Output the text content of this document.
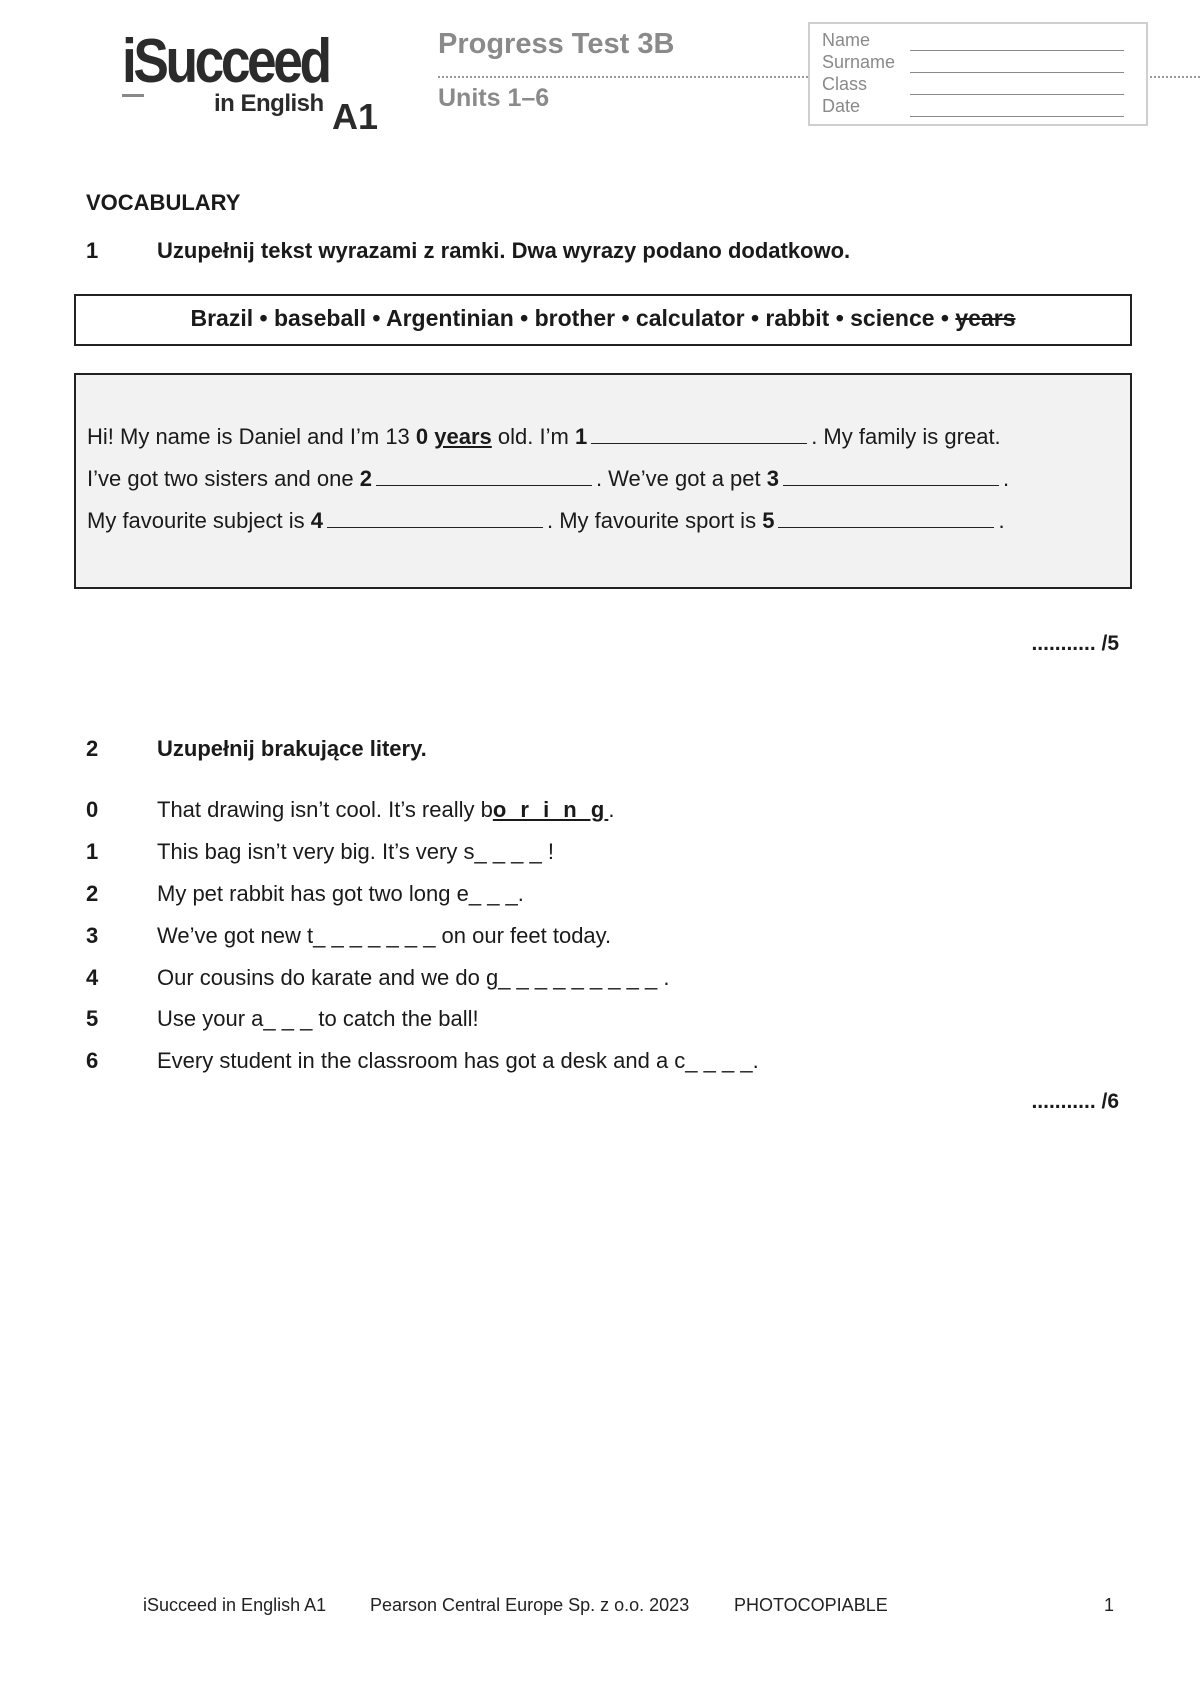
iSucceed
in English A1
Progress Test 3B
Units 1–6
Name
Surname
Class
Date
VOCABULARY
1	Uzupełnij tekst wyrazami z ramki. Dwa wyrazy podano dodatkowo.
Brazil • baseball • Argentinian • brother • calculator • rabbit • science • years
Hi! My name is Daniel and I’m 13 0 years old. I’m 1	. My family is great.
I’ve got two sisters and one 2	. We’ve got a pet 3	.
My favourite subject is 4	. My favourite sport is 5	.
........... /5
2	Uzupełnij brakujące litery.
0	That drawing isn’t cool. It’s really bo r i n g.
1	This bag isn’t very big. It’s very s_ _ _ _ !
2	My pet rabbit has got two long e_ _ _.
3	We’ve got new t_ _ _ _ _ _ _ on our feet today.
4	Our cousins do karate and we do g_ _ _ _ _ _ _ _ _ .
5	Use your a_ _ _ to catch the ball!
6	Every student in the classroom has got a desk and a c_ _ _ _.
........... /6
iSucceed in English A1 Pearson Central Europe Sp. z o.o. 2023 PHOTOCOPIABLE	1
